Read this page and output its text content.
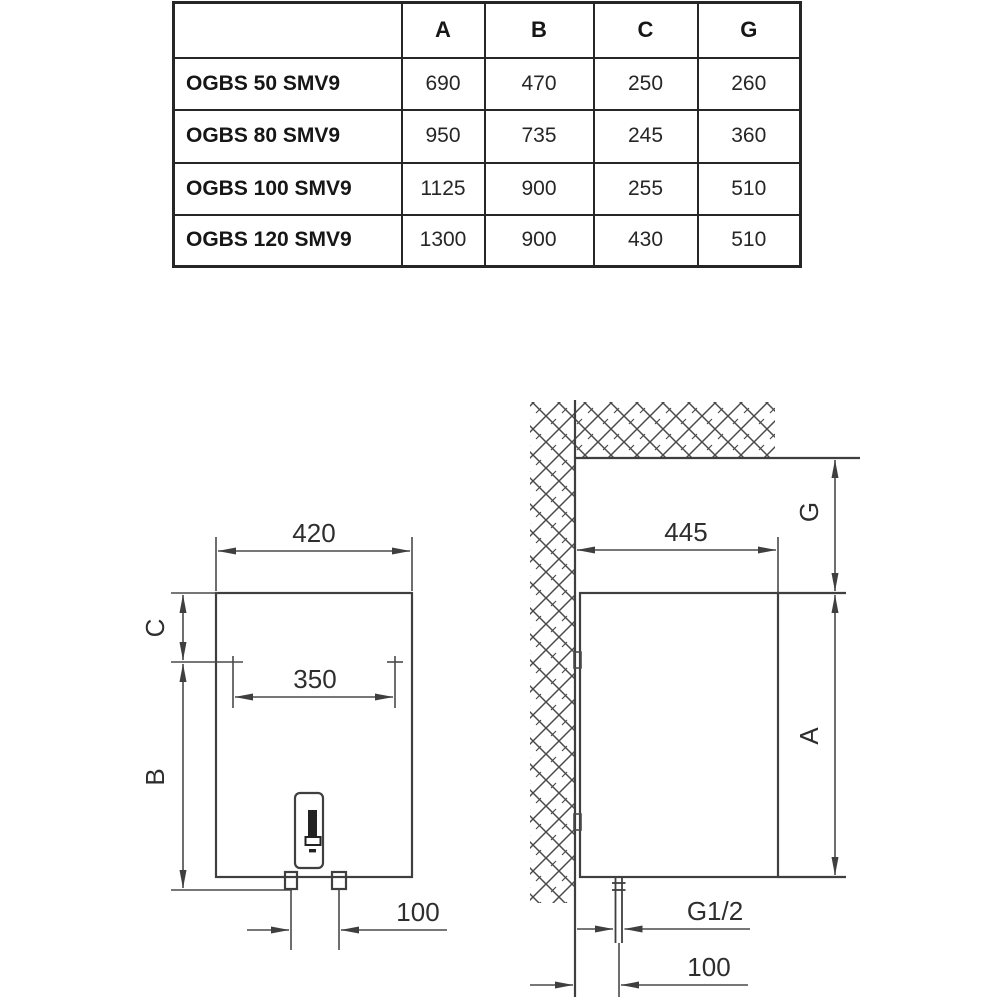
420
C
B
350
100
445
G
A
G1/2
100
	A	B	C	G
OGBS 50 SMV9	690	470	250	260
OGBS 80 SMV9	950	735	245	360
OGBS 100 SMV9	1125	900	255	510
OGBS 120 SMV9	1300	900	430	510
